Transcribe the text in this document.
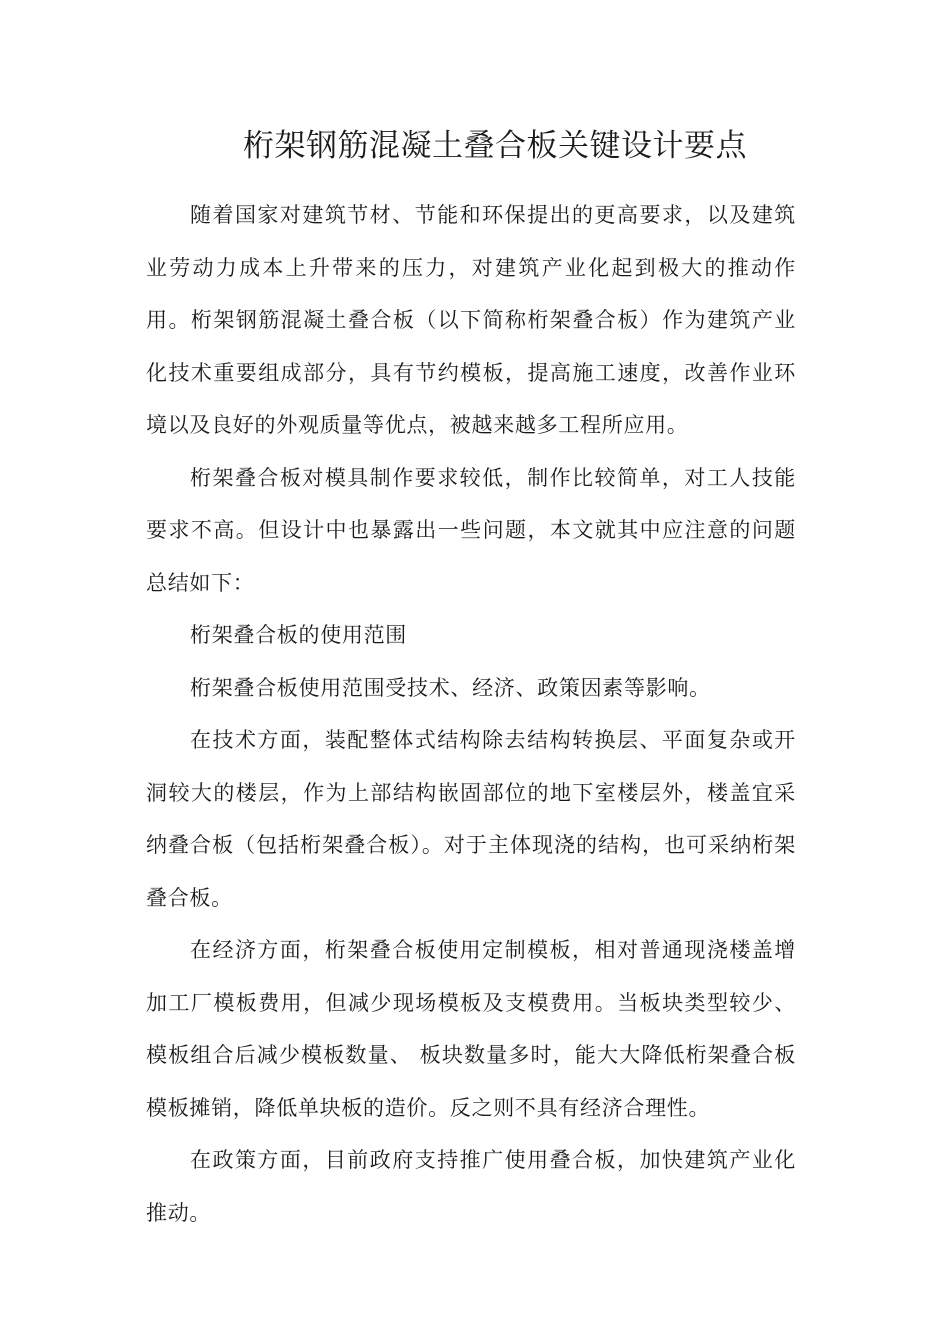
桁架钢筋混凝土叠合板关键设计要点

随着国家对建筑节材、节能和环保提出的更高要求，以及建筑业劳动力成本上升带来的压力，对建筑产业化起到极大的推动作用。桁架钢筋混凝土叠合板（以下简称桁架叠合板）作为建筑产业化技术重要组成部分，具有节约模板，提高施工速度，改善作业环境以及良好的外观质量等优点，被越来越多工程所应用。

桁架叠合板对模具制作要求较低，制作比较简单，对工人技能要求不高。但设计中也暴露出一些问题，本文就其中应注意的问题总结如下：

桁架叠合板的使用范围

桁架叠合板使用范围受技术、经济、政策因素等影响。

在技术方面，装配整体式结构除去结构转换层、平面复杂或开洞较大的楼层，作为上部结构嵌固部位的地下室楼层外，楼盖宜采纳叠合板（包括桁架叠合板）。对于主体现浇的结构，也可采纳桁架叠合板。

在经济方面，桁架叠合板使用定制模板，相对普通现浇楼盖增加工厂模板费用，但减少现场模板及支模费用。当板块类型较少、模板组合后减少模板数量、 板块数量多时，能大大降低桁架叠合板模板摊销，降低单块板的造价。反之则不具有经济合理性。

在政策方面，目前政府支持推广使用叠合板，加快建筑产业化推动。
